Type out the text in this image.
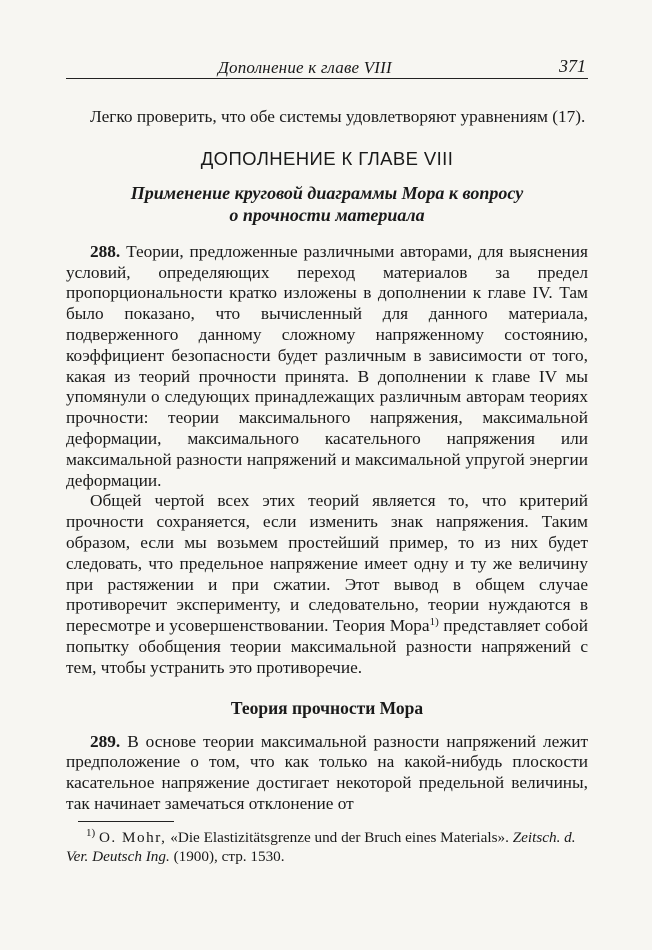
Дополнение к главе VIII	371

Легко проверить, что обе системы удовлетворяют уравнениям (17).

ДОПОЛНЕНИЕ К ГЛАВЕ VIII
Применение круговой диаграммы Мора к вопросу
о прочности материала

288. Теории, предложенные различными авторами, для выяснения условий, определяющих переход материалов за предел пропорциональности кратко изложены в дополнении к главе IV. Там было показано, что вычисленный для данного материала, подверженного данному сложному напряженному состоянию, коэффициент безопасности будет различным в зависимости от того, какая из теорий прочности принята. В дополнении к главе IV мы упомянули о следующих принадлежащих различным авторам теориях прочности: теории максимального напряжения, максимальной деформации, максимального касательного напряжения или максимальной разности напряжений и максимальной упругой энергии деформации.

Общей чертой всех этих теорий является то, что критерий прочности сохраняется, если изменить знак напряжения. Таким образом, если мы возьмем простейший пример, то из них будет следовать, что предельное напряжение имеет одну и ту же величину при растяжении и при сжатии. Этот вывод в общем случае противоречит эксперименту, и следовательно, теории нуждаются в пересмотре и усовершенствовании. Теория Мора$^{1)}$ представляет собой попытку обобщения теории максимальной разности напряжений с тем, чтобы устранить это противоречие.

Теория прочности Мора

289. В основе теории максимальной разности напряжений лежит предположение о том, что как только на какой-нибудь плоскости касательное напряжение достигает некоторой предельной величины, так начинает замечаться отклонение от

$^{1)}$ O. Mohr, «Die Elastizitätsgrenze und der Bruch eines Materials». Zeitsch. d. Ver. Deutsch Ing. (1900), стр. 1530.
